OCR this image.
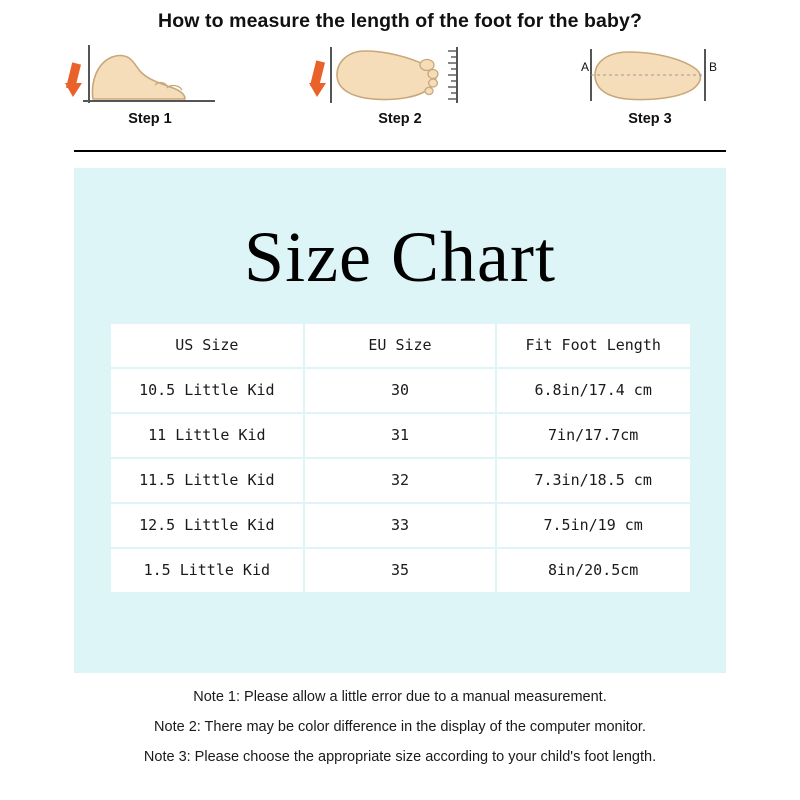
How to measure the length of the foot for the baby?
Step 1	Step 2
A	B
Step 3
Size Chart
US Size	EU Size	Fit Foot Length
10.5 Little Kid	30	6.8in/17.4 cm
11 Little Kid	31	7in/17.7cm
11.5 Little Kid	32	7.3in/18.5 cm
12.5 Little Kid	33	7.5in/19 cm
1.5 Little Kid	35	8in/20.5cm
Note 1: Please allow a little error due to a manual measurement.
Note 2: There may be color difference in the display of the computer monitor.
Note 3: Please choose the appropriate size according to your child's foot length.
